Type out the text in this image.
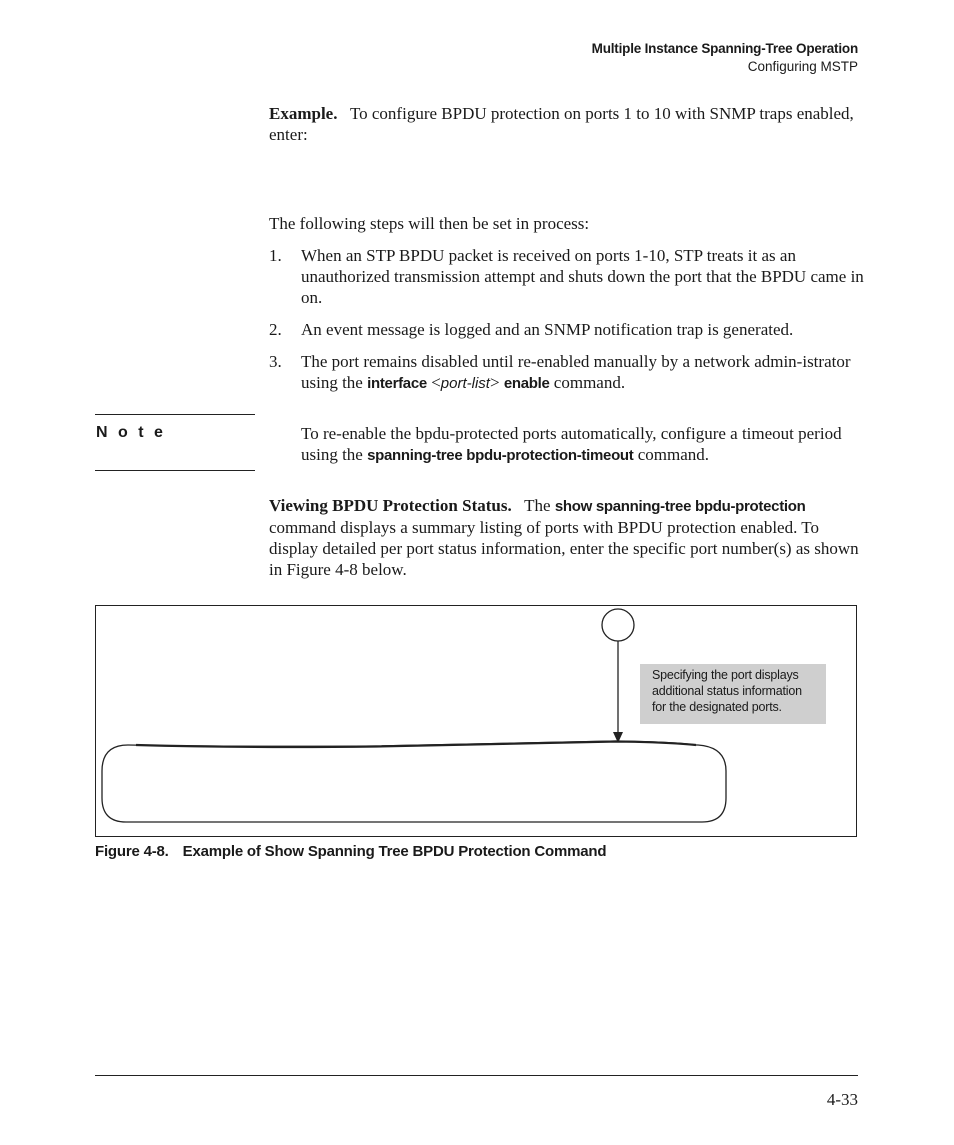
Multiple Instance Spanning-Tree Operation
Configuring MSTP
Example. To configure BPDU protection on ports 1 to 10 with SNMP traps enabled, enter:
The following steps will then be set in process:
1. When an STP BPDU packet is received on ports 1-10, STP treats it as an unauthorized transmission attempt and shuts down the port that the BPDU came in on.
2. An event message is logged and an SNMP notification trap is generated.
3. The port remains disabled until re-enabled manually by a network admin-istrator using the interface <port-list> enable command.
N o t e	To re-enable the bpdu-protected ports automatically, configure a timeout period using the spanning-tree bpdu-protection-timeout command.
Viewing BPDU Protection Status. The show spanning-tree bpdu-protection command displays a summary listing of ports with BPDU protection enabled. To display detailed per port status information, enter the specific port number(s) as shown in Figure 4-8 below.
Specifying the port displays additional status information for the designated ports.
Figure 4-8. Example of Show Spanning Tree BPDU Protection Command
4-33
